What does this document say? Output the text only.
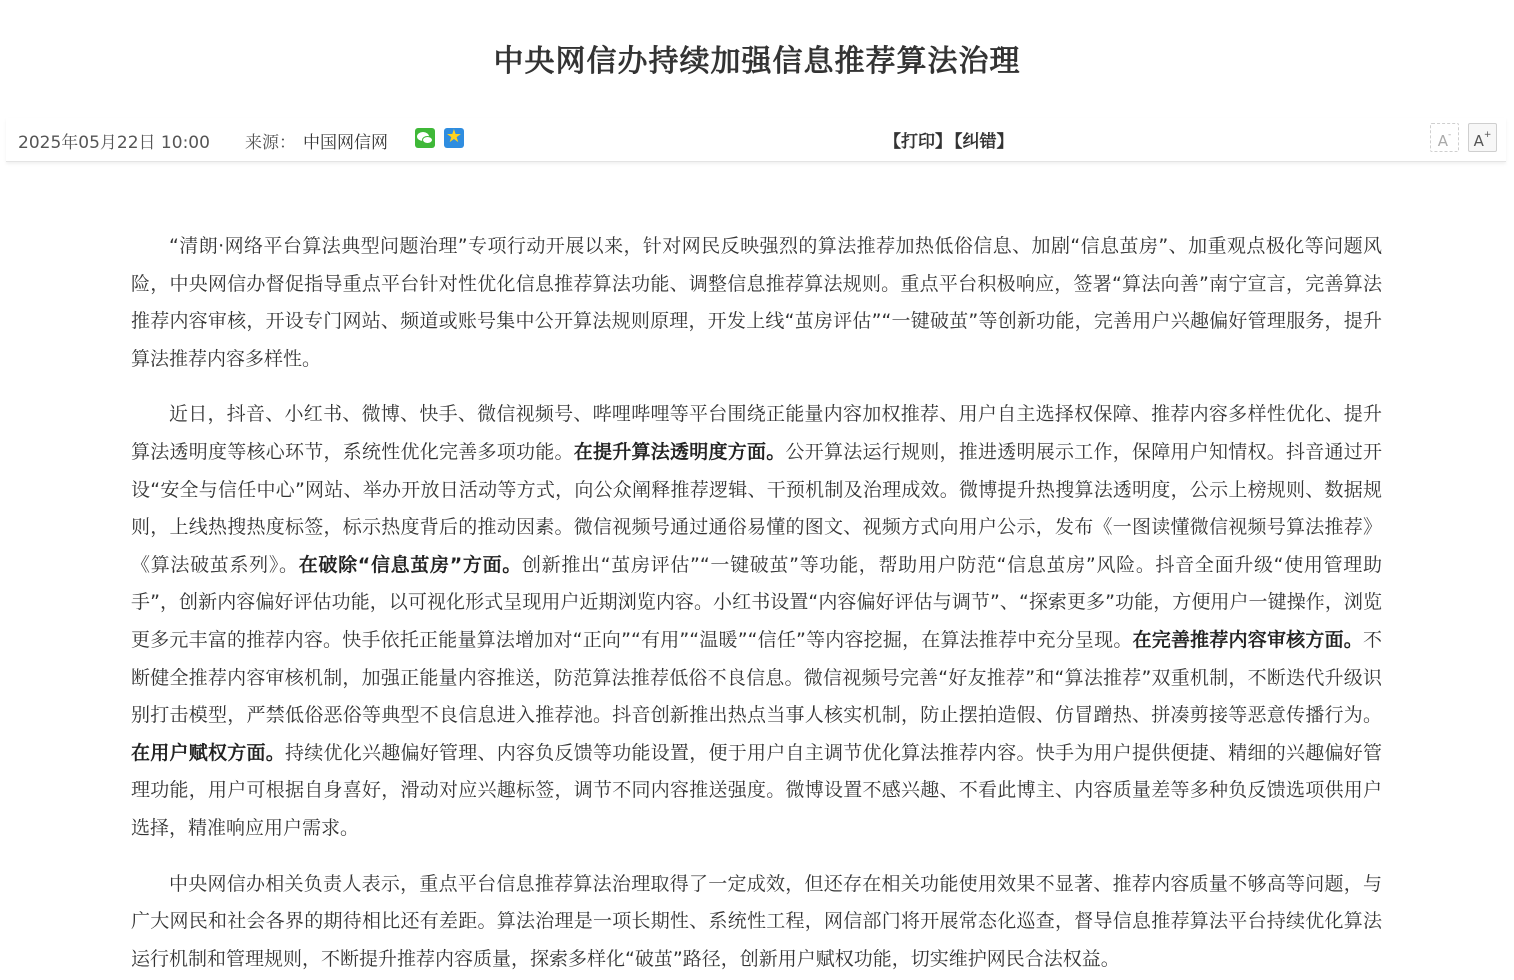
中央网信办持续加强信息推荐算法治理
2025年05月22日 10:00 来源： 中国网信网	★	【打印】 【纠错】	A-	A+

“清朗·网络平台算法典型问题治理”专项行动开展以来，针对网民反映强烈的算法推荐加热低俗信息、加剧“信息茧房”、加重观点极化等问题风险，中央网信办督促指导重点平台针对性优化信息推荐算法功能、调整信息推荐算法规则。重点平台积极响应，签署“算法向善”南宁宣言，完善算法推荐内容审核，开设专门网站、频道或账号集中公开算法规则原理，开发上线“茧房评估”“一键破茧”等创新功能，完善用户兴趣偏好管理服务，提升算法推荐内容多样性。

近日，抖音、小红书、微博、快手、微信视频号、哔哩哔哩等平台围绕正能量内容加权推荐、用户自主选择权保障、推荐内容多样性优化、提升算法透明度等核心环节，系统性优化完善多项功能。在提升算法透明度方面。公开算法运行规则，推进透明展示工作，保障用户知情权。抖音通过开设“安全与信任中心”网站、举办开放日活动等方式，向公众阐释推荐逻辑、干预机制及治理成效。微博提升热搜算法透明度，公示上榜规则、数据规则，上线热搜热度标签，标示热度背后的推动因素。微信视频号通过通俗易懂的图文、视频方式向用户公示，发布《一图读懂微信视频号算法推荐》《算法破茧系列》。在破除“信息茧房”方面。创新推出“茧房评估”“一键破茧”等功能，帮助用户防范“信息茧房”风险。抖音全面升级“使用管理助手”，创新内容偏好评估功能，以可视化形式呈现用户近期浏览内容。小红书设置“内容偏好评估与调节”、“探索更多”功能，方便用户一键操作，浏览更多元丰富的推荐内容。快手依托正能量算法增加对“正向”“有用”“温暖”“信任”等内容挖掘，在算法推荐中充分呈现。在完善推荐内容审核方面。不断健全推荐内容审核机制，加强正能量内容推送，防范算法推荐低俗不良信息。微信视频号完善“好友推荐”和“算法推荐”双重机制，不断迭代升级识别打击模型，严禁低俗恶俗等典型不良信息进入推荐池。抖音创新推出热点当事人核实机制，防止摆拍造假、仿冒蹭热、拼凑剪接等恶意传播行为。在用户赋权方面。持续优化兴趣偏好管理、内容负反馈等功能设置，便于用户自主调节优化算法推荐内容。快手为用户提供便捷、精细的兴趣偏好管理功能，用户可根据自身喜好，滑动对应兴趣标签，调节不同内容推送强度。微博设置不感兴趣、不看此博主、内容质量差等多种负反馈选项供用户选择，精准响应用户需求。

中央网信办相关负责人表示，重点平台信息推荐算法治理取得了一定成效，但还存在相关功能使用效果不显著、推荐内容质量不够高等问题，与广大网民和社会各界的期待相比还有差距。算法治理是一项长期性、系统性工程，网信部门将开展常态化巡查，督导信息推荐算法平台持续优化算法运行机制和管理规则，不断提升推荐内容质量，探索多样化“破茧”路径，创新用户赋权功能，切实维护网民合法权益。
